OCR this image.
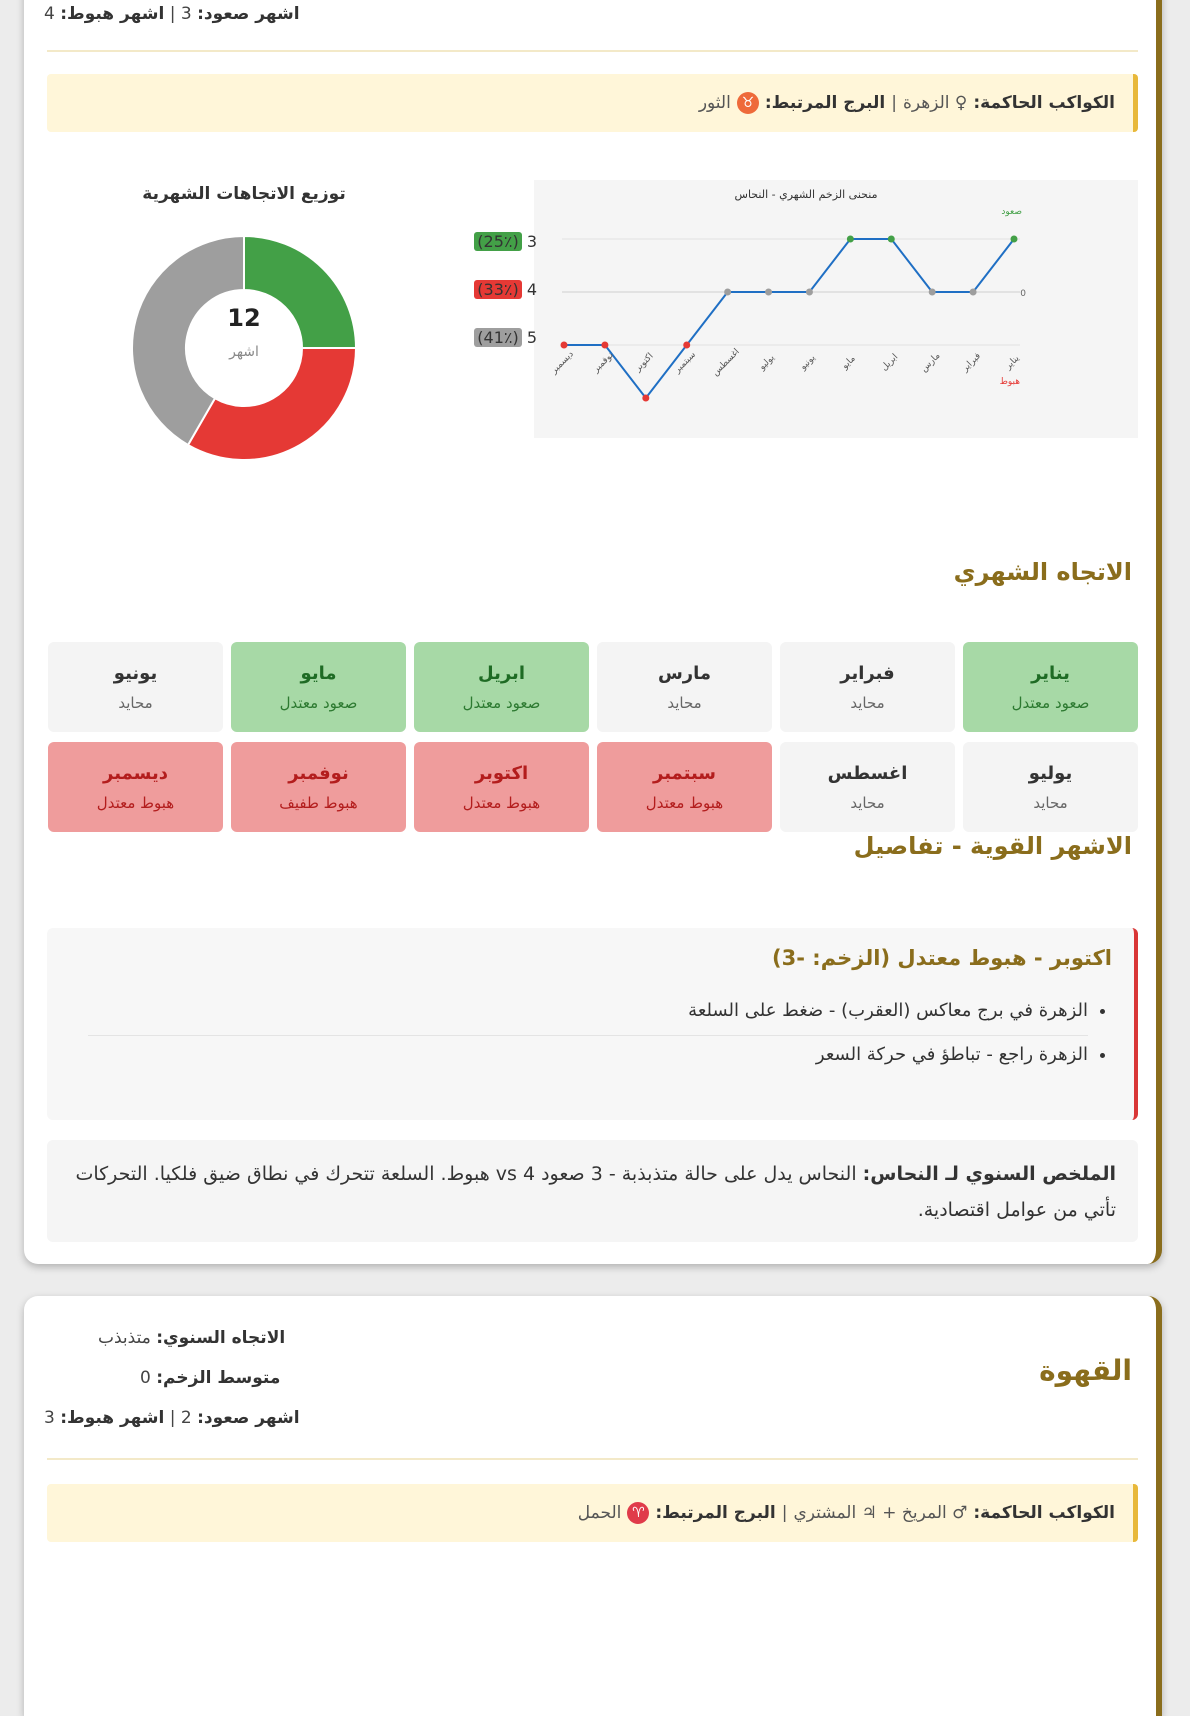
اشهر صعود: 3 | اشهر هبوط: 4
الكواكب الحاكمة:
♀ الزهرة
|
البرج المرتبط:
♉
الثور
منحنى الزخم الشهري - النحاس
صعود
0
هبوط
يناير
فبراير
مارس
ابريل
مايو
يونيو
يوليو
اغسطس
سبتمبر
اكتوبر
نوفمبر
ديسمبر
3 (25٪)
4 (33٪)
5 (41٪)
توزيع الاتجاهات الشهرية
12
اشهر
الاتجاه الشهري
يناير
صعود معتدل
فبراير
محايد
مارس
محايد
ابريل
صعود معتدل
مايو
صعود معتدل
يونيو
محايد
يوليو
محايد
اغسطس
محايد
سبتمبر
هبوط معتدل
اكتوبر
هبوط معتدل
نوفمبر
هبوط طفيف
ديسمبر
هبوط معتدل
الاشهر القوية - تفاصيل
اكتوبر - هبوط معتدل (الزخم: -3)
• الزهرة في برج معاكس (العقرب) - ضغط على السلعة
• الزهرة راجع - تباطؤ في حركة السعر
الملخص السنوي لـ النحاس: النحاس يدل على حالة متذبذبة - 3 صعود vs 4 هبوط. السلعة تتحرك في نطاق ضيق فلكيا. التحركات تأتي من عوامل اقتصادية.
القهوة
الاتجاه السنوي: متذبذب
متوسط الزخم: 0
اشهر صعود: 2 | اشهر هبوط: 3
الكواكب الحاكمة:
♂ المريخ + ♃ المشتري
|
البرج المرتبط:
♈
الحمل
